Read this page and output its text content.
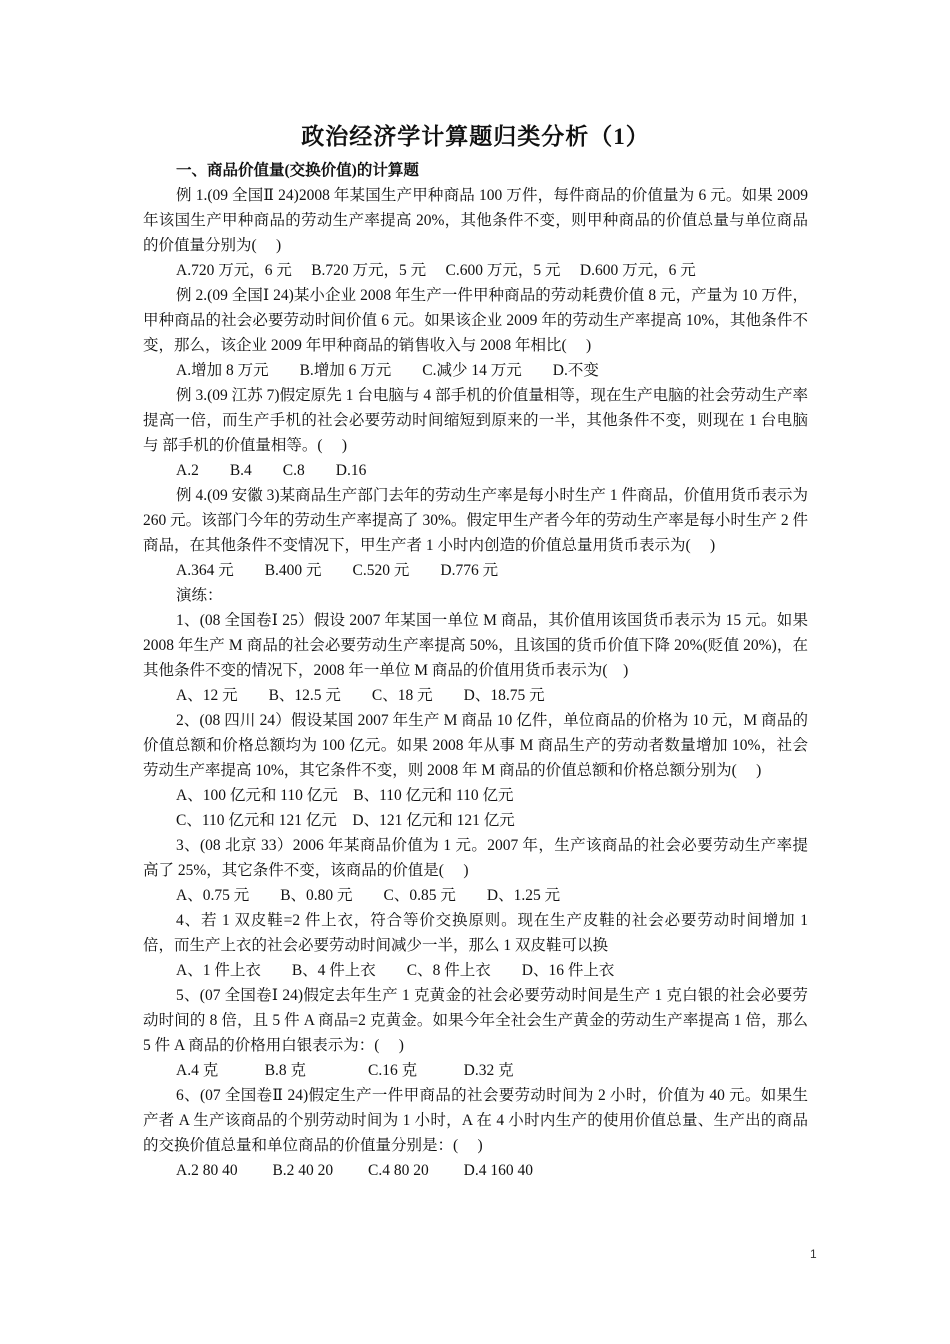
政治经济学计算题归类分析（1）

一、商品价值量(交换价值)的计算题

例 1.(09 全国Ⅱ 24)2008 年某国生产甲种商品 100 万件，每件商品的价值量为 6 元。如果 2009 年该国生产甲种商品的劳动生产率提高 20%，其他条件不变，则甲种商品的价值总量与单位商品的价值量分别为(　 )

A.720 万元，6 元　 B.720 万元，5 元　 C.600 万元，5 元　 D.600 万元，6 元

例 2.(09 全国Ⅰ 24)某小企业 2008 年生产一件甲种商品的劳动耗费价值 8 元，产量为 10 万件，甲种商品的社会必要劳动时间价值 6 元。如果该企业 2009 年的劳动生产率提高 10%，其他条件不变，那么，该企业 2009 年甲种商品的销售收入与 2008 年相比(　 )

A.增加 8 万元　　B.增加 6 万元　　C.减少 14 万元　　D.不变

例 3.(09 江苏 7)假定原先 1 台电脑与 4 部手机的价值量相等，现在生产电脑的社会劳动生产率提高一倍，而生产手机的社会必要劳动时间缩短到原来的一半，其他条件不变，则现在 1 台电脑与 部手机的价值量相等。(　 )

A.2　　B.4　　C.8　　D.16

例 4.(09 安徽 3)某商品生产部门去年的劳动生产率是每小时生产 1 件商品，价值用货币表示为 260 元。该部门今年的劳动生产率提高了 30%。假定甲生产者今年的劳动生产率是每小时生产 2 件商品，在其他条件不变情况下，甲生产者 1 小时内创造的价值总量用货币表示为(　 )

A.364 元　　B.400 元　　C.520 元　　D.776 元

演练：

1、(08 全国卷Ⅰ 25）假设 2007 年某国一单位 M 商品，其价值用该国货币表示为 15 元。如果 2008 年生产 M 商品的社会必要劳动生产率提高 50%，且该国的货币价值下降 20%(贬值 20%)，在其他条件不变的情况下，2008 年一单位 M 商品的价值用货币表示为(　)

A、12 元　　B、12.5 元　　C、18 元　　D、18.75 元

2、(08 四川 24）假设某国 2007 年生产 M 商品 10 亿件，单位商品的价格为 10 元，M 商品的价值总额和价格总额均为 100 亿元。如果 2008 年从事 M 商品生产的劳动者数量增加 10%，社会劳动生产率提高 10%，其它条件不变，则 2008 年 M 商品的价值总额和价格总额分别为(　 )

A、100 亿元和 110 亿元　B、110 亿元和 110 亿元

C、110 亿元和 121 亿元　D、121 亿元和 121 亿元

3、(08 北京 33）2006 年某商品价值为 1 元。2007 年，生产该商品的社会必要劳动生产率提高了 25%，其它条件不变，该商品的价值是(　 )

A、0.75 元　　B、0.80 元　　C、0.85 元　　D、1.25 元

4、若 1 双皮鞋=2 件上衣，符合等价交换原则。现在生产皮鞋的社会必要劳动时间增加 1 倍，而生产上衣的社会必要劳动时间减少一半，那么 1 双皮鞋可以换

A、1 件上衣　　B、4 件上衣　　C、8 件上衣　　D、16 件上衣

5、(07 全国卷Ⅰ 24)假定去年生产 1 克黄金的社会必要劳动时间是生产 1 克白银的社会必要劳动时间的 8 倍，且 5 件 A 商品=2 克黄金。如果今年全社会生产黄金的劳动生产率提高 1 倍，那么 5 件 A 商品的价格用白银表示为：(　 )

A.4 克　　　B.8 克　　　　C.16 克　　　D.32 克

6、(07 全国卷Ⅱ 24)假定生产一件甲商品的社会要劳动时间为 2 小时，价值为 40 元。如果生产者 A 生产该商品的个别劳动时间为 1 小时，A 在 4 小时内生产的使用价值总量、生产出的商品的交换价值总量和单位商品的价值量分别是：(　 )

A.2 80 40　　 B.2 40 20　　 C.4 80 20　　 D.4 160 40

1
